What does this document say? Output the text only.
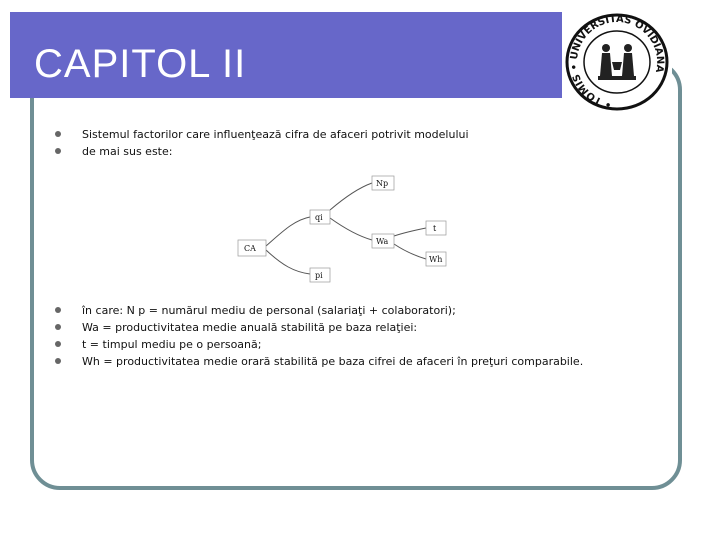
CAPITOL II
• TOMIS • UNIVERSITAS OVIDIANA
Sistemul factorilor care influenţează cifra de afaceri potrivit modelului
de mai sus este:
CA
qi
pi
Np
Wa
t
Wh
în care: N p = numărul mediu de personal (salariaţi + colaboratori);
Wa = productivitatea medie anuală stabilită pe baza relaţiei:
t = timpul mediu pe o persoană;
Wh = productivitatea medie orară stabilită pe baza cifrei de afaceri în preţuri comparabile.
